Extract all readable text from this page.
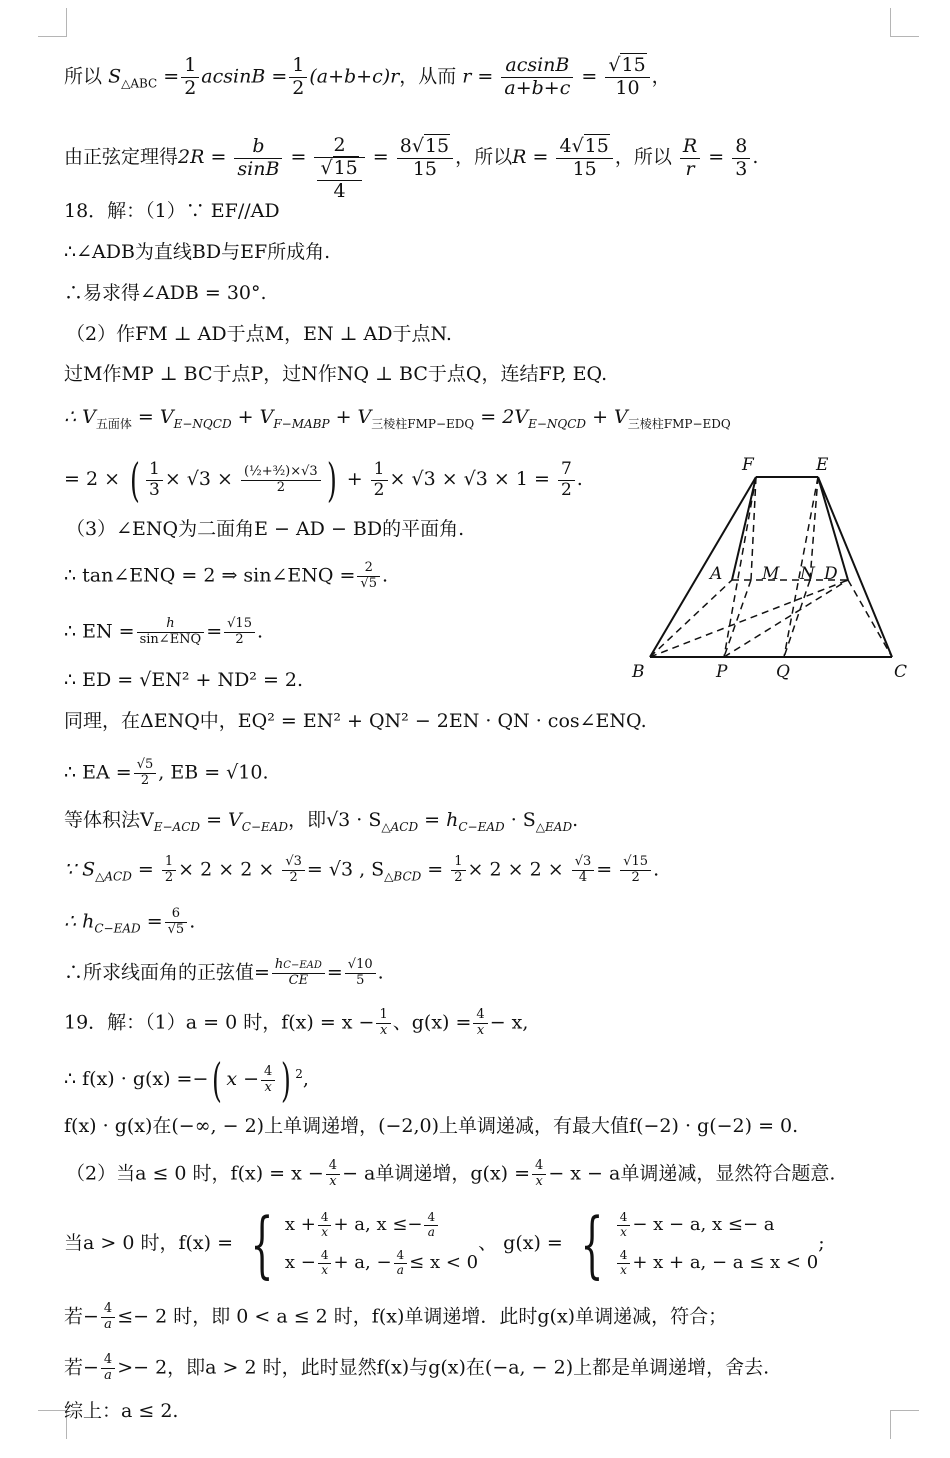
所以 $S_{\triangle ABC} = \frac{1}{2}$ $acsinB = \frac{1}{2} (a+b+c)r$，从而 $r = \frac{acsinB}{a+b+c} = \frac{√15}{10}$ ，
由正弦定理得$2R = \frac{b}{\sin B} = \frac{2}{\frac{√15}{4}} = \frac{8√15}{15}$ ，所以$R = \frac{4√15}{15}$ ，所以 $\frac{R}{r} = \frac{8}{3}$ .
18．解：（1）∵ EF//AD
∴∠ADB为直线BD与EF所成角.
∴易求得∠ADB = 30°.
（2）作FM ⊥ AD于点M，EN ⊥ AD于点N.
过M作MP ⊥ BC于点P，过N作NQ ⊥ BC于点Q，连结FP, EQ.
∴ $V_{五面体} = V_{E-NQCD} + V_{F-MABP} + V_{三棱柱FMP-EDQ} = 2V_{E-NQCD} + V_{三棱柱FMP-EDQ}$
= 2 × ( $\frac{1}{3} \times √3 \times \frac{\text{(½+³⁄₂)×√3}}{2}$ ) + $\frac{1}{2} \times √3 \times √3 \times 1 = \frac{7}{2}$ .
（3）∠ENQ为二面角E − AD − BD的平面角.
∴ tan∠ENQ = 2 ⇒ sin∠ENQ = $\frac{2}{√5}$ .
∴ EN =	h
sin∠ENQ = $\frac{√15}{2}$ .
∴ ED = √EN² + ND² = 2.
同理，在ΔENQ中，EQ² = EN² + QN² − 2EN · QN · cos∠ENQ.
∴ EA = $\frac{√5}{2}$ , EB = √10.
等体积法$V_{E-ACD} = V_{C-EAD}$，即$√3 \cdot S_{\triangle ACD} = h_{C-EAD} \cdot S_{\triangle EAD}$.
∵ $S_{\triangle ACD} = \frac{1}{2} \times 2 \times 2 \times \frac{√3}{2} = √3$ , $S_{\triangle BCD} = \frac{1}{2} \times 2 \times 2 \times \frac{√3}{4} = \frac{√15}{2}$ .
∴ $h_{C-EAD} = \frac{6}{√5}$ .
∴所求线面角的正弦值= hC−EAD
CE = $\frac{√10}{5}$ .
19．解：（1）a = 0 时，$f(x) = x - \frac{1}{x}$ 、$g(x) = \frac{4}{x} - x$,
∴ f(x) · g(x) =−( $x - \frac{4}{x}$ ) $^2$,
f(x) · g(x)在(−∞, − 2)上单调递增，(−2,0)上单调递减，有最大值f(−2) · g(−2) = 0.
（2）当a ≤ 0 时，$f(x) = x - \frac{4}{x} - a$单调递增，$g(x) = \frac{4}{x} - x - a$单调递减，显然符合题意.
当a > 0 时，f(x) = { $x + \frac{4}{x} + a$, $x \le- \frac{4}{a}$
$x - \frac{4}{x} + a$, − $\frac{4}{a} \le x < 0$
、 g(x) = { $\frac{4}{x} - x - a$, x ≤− a
$\frac{4}{x} + x + a$, − a ≤ x < 0
;
若− $\frac{4}{a} \le- 2$ 时，即 0 < a ≤ 2 时，f(x)单调递增．此时g(x)单调递减，符合；
若− $\frac{4}{a} >- 2$，即a > 2 时，此时显然f(x)与g(x)在(−a, − 2)上都是单调递增，舍去.
综上：a ≤ 2.
F	E
A M N D
B	P	Q	C
